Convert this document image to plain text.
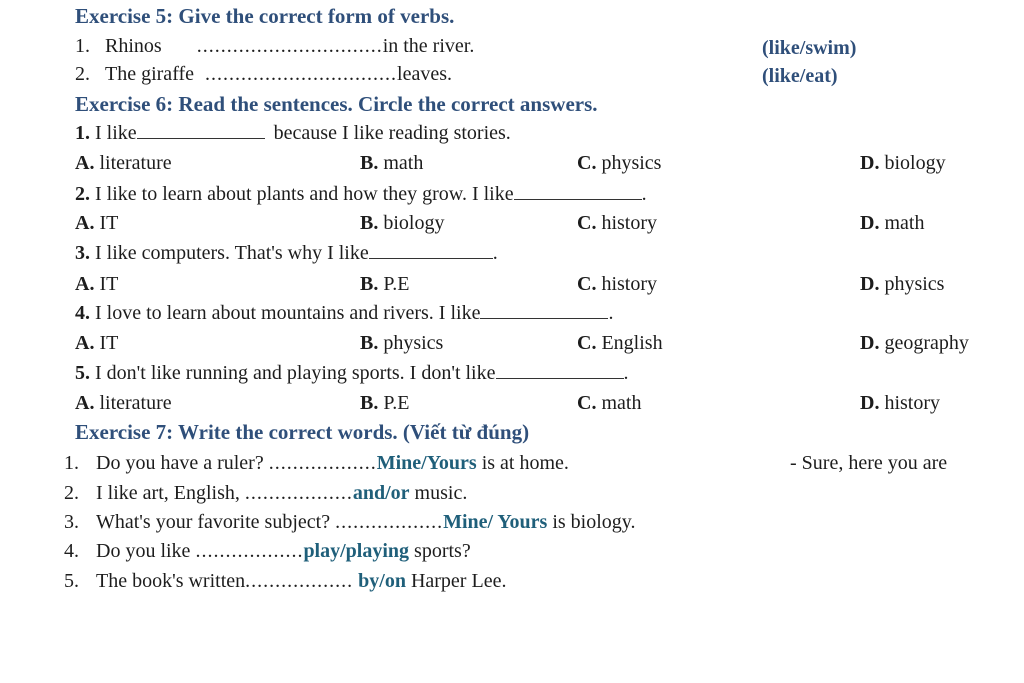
Exercise 5: Give the correct form of verbs.
1. Rhinos ...............................in the river.	(like/swim)
2. The giraffe ................................leaves.	(like/eat)
Exercise 6: Read the sentences. Circle the correct answers.
1. I like	because I like reading stories.
A. literature	B. math	C. physics	D. biology
2. I like to learn about plants and how they grow. I like	.
A. IT	B. biology	C. history	D. math
3. I like computers. That's why I like	.
A. IT	B. P.E	C. history	D. physics
4. I love to learn about mountains and rivers. I like	.
A. IT	B. physics	C. English	D. geography
5. I don't like running and playing sports. I don't like	.
A. literature	B. P.E	C. math	D. history
Exercise 7: Write the correct words. (Viết từ đúng)
1. Do you have a ruler? ..................Mine/Yours is at home.	- Sure, here you are
2. I like art, English, ..................and/or music.
3. What's your favorite subject? ..................Mine/ Yours is biology.
4. Do you like ..................play/playing sports?
5. The book's written.................. by/on Harper Lee.
